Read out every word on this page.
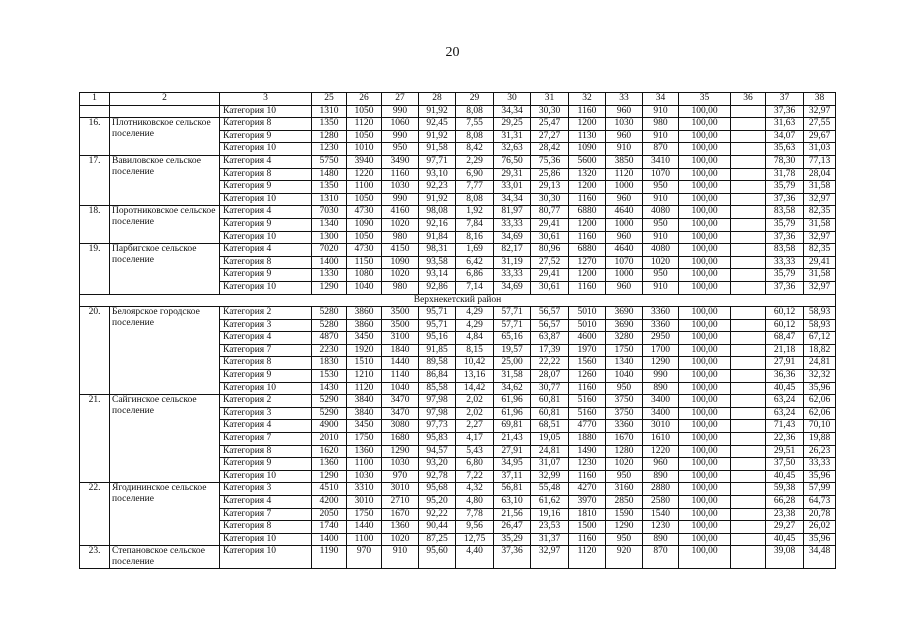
20
1	2	3	25	26	27	28	29	30	31	32	33	34	35	36	37	38
		Категория 10	1310	1050	990	91,92	8,08	34,34	30,30	1160	960	910	100,00		37,36	32,97
16.	Плотниковское сельское поселение	Категория 8	1350	1120	1060	92,45	7,55	29,25	25,47	1200	1030	980	100,00		31,63	27,55
		Категория 9	1280	1050	990	91,92	8,08	31,31	27,27	1130	960	910	100,00		34,07	29,67
		Категория 10	1230	1010	950	91,58	8,42	32,63	28,42	1090	910	870	100,00		35,63	31,03
17.	Вавиловское сельское поселение	Категория 4	5750	3940	3490	97,71	2,29	76,50	75,36	5600	3850	3410	100,00		78,30	77,13
		Категория 8	1480	1220	1160	93,10	6,90	29,31	25,86	1320	1120	1070	100,00		31,78	28,04
		Категория 9	1350	1100	1030	92,23	7,77	33,01	29,13	1200	1000	950	100,00		35,79	31,58
		Категория 10	1310	1050	990	91,92	8,08	34,34	30,30	1160	960	910	100,00		37,36	32,97
18.	Поротниковское сельское поселение	Категория 4	7030	4730	4160	98,08	1,92	81,97	80,77	6880	4640	4080	100,00		83,58	82,35
		Категория 9	1340	1090	1020	92,16	7,84	33,33	29,41	1200	1000	950	100,00		35,79	31,58
		Категория 10	1300	1050	980	91,84	8,16	34,69	30,61	1160	960	910	100,00		37,36	32,97
19.	Парбигское сельское поселение	Категория 4	7020	4730	4150	98,31	1,69	82,17	80,96	6880	4640	4080	100,00		83,58	82,35
		Категория 8	1400	1150	1090	93,58	6,42	31,19	27,52	1270	1070	1020	100,00		33,33	29,41
		Категория 9	1330	1080	1020	93,14	6,86	33,33	29,41	1200	1000	950	100,00		35,79	31,58
		Категория 10	1290	1040	980	92,86	7,14	34,69	30,61	1160	960	910	100,00		37,36	32,97
Верхнекетский район																
20.	Белоярское городское поселение	Категория 2	5280	3860	3500	95,71	4,29	57,71	56,57	5010	3690	3360	100,00		60,12	58,93
		Категория 3	5280	3860	3500	95,71	4,29	57,71	56,57	5010	3690	3360	100,00		60,12	58,93
		Категория 4	4870	3450	3100	95,16	4,84	65,16	63,87	4600	3280	2950	100,00		68,47	67,12
		Категория 7	2230	1920	1840	91,85	8,15	19,57	17,39	1970	1750	1700	100,00		21,18	18,82
		Категория 8	1830	1510	1440	89,58	10,42	25,00	22,22	1560	1340	1290	100,00		27,91	24,81
		Категория 9	1530	1210	1140	86,84	13,16	31,58	28,07	1260	1040	990	100,00		36,36	32,32
		Категория 10	1430	1120	1040	85,58	14,42	34,62	30,77	1160	950	890	100,00		40,45	35,96
21.	Сайгинское сельское поселение	Категория 2	5290	3840	3470	97,98	2,02	61,96	60,81	5160	3750	3400	100,00		63,24	62,06
		Категория 3	5290	3840	3470	97,98	2,02	61,96	60,81	5160	3750	3400	100,00		63,24	62,06
		Категория 4	4900	3450	3080	97,73	2,27	69,81	68,51	4770	3360	3010	100,00		71,43	70,10
		Категория 7	2010	1750	1680	95,83	4,17	21,43	19,05	1880	1670	1610	100,00		22,36	19,88
		Категория 8	1620	1360	1290	94,57	5,43	27,91	24,81	1490	1280	1220	100,00		29,51	26,23
		Категория 9	1360	1100	1030	93,20	6,80	34,95	31,07	1230	1020	960	100,00		37,50	33,33
		Категория 10	1290	1030	970	92,78	7,22	37,11	32,99	1160	950	890	100,00		40,45	35,96
22.	Ягодининское сельское поселение	Категория 3	4510	3310	3010	95,68	4,32	56,81	55,48	4270	3160	2880	100,00		59,38	57,99
		Категория 4	4200	3010	2710	95,20	4,80	63,10	61,62	3970	2850	2580	100,00		66,28	64,73
		Категория 7	2050	1750	1670	92,22	7,78	21,56	19,16	1810	1590	1540	100,00		23,38	20,78
		Категория 8	1740	1440	1360	90,44	9,56	26,47	23,53	1500	1290	1230	100,00		29,27	26,02
		Категория 10	1400	1100	1020	87,25	12,75	35,29	31,37	1160	950	890	100,00		40,45	35,96
23.	Степановское сельское поселение	Категория 10	1190	970	910	95,60	4,40	37,36	32,97	1120	920	870	100,00		39,08	34,48
